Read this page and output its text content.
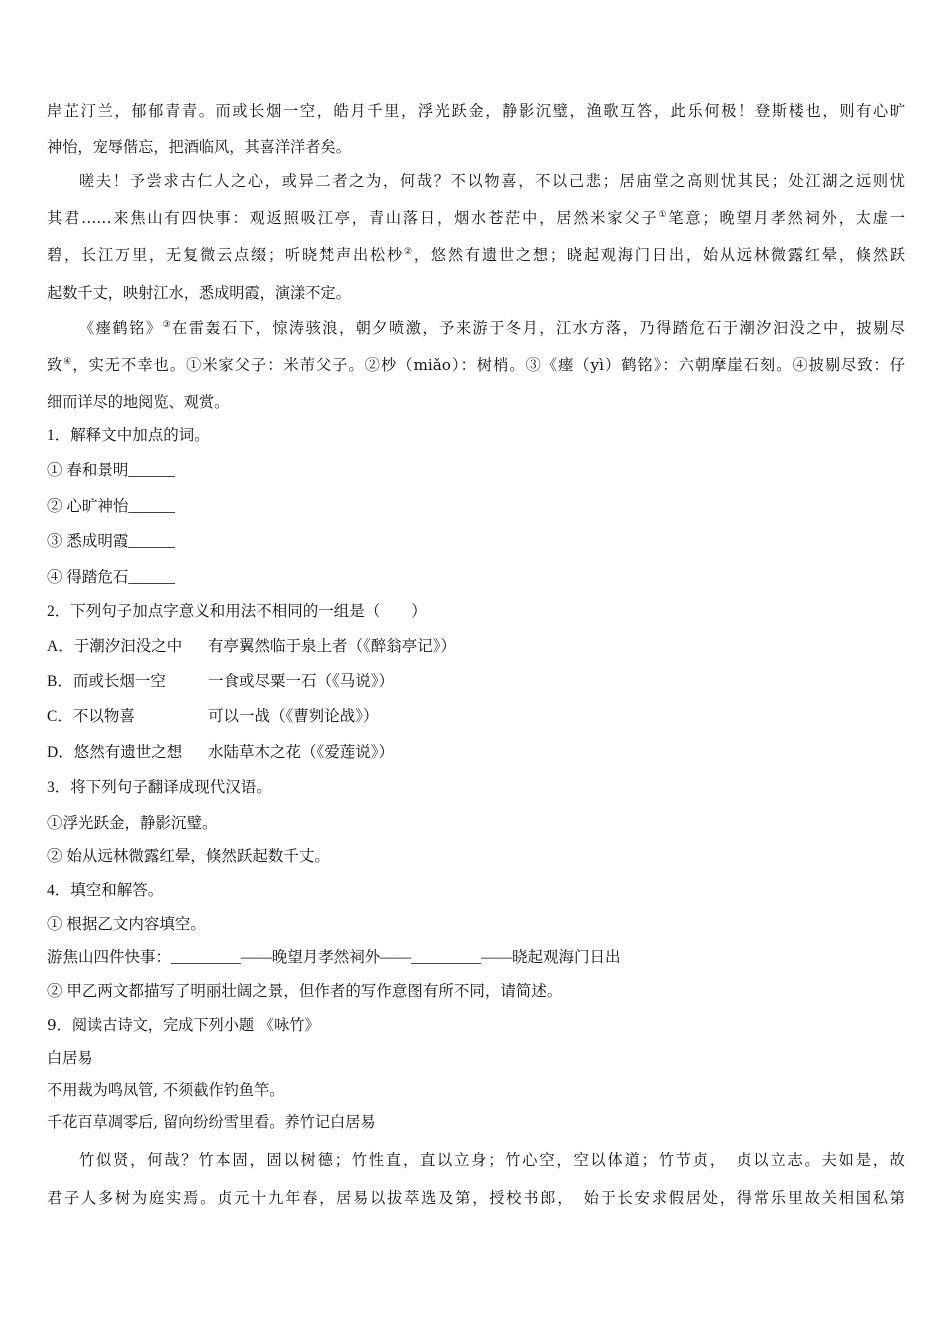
岸芷汀兰，郁郁青青。而或长烟一空，皓月千里，浮光跃金，静影沉璧，渔歌互答，此乐何极！登斯楼也，则有心旷
神怡，宠辱偕忘，把酒临风，其喜洋洋者矣。
嗟夫！予尝求古仁人之心，或异二者之为，何哉？不以物喜，不以己悲；居庙堂之高则忧其民；处江湖之远则忧
其君……来焦山有四快事：观返照吸江亭，青山落日，烟水苍茫中，居然米家父子①笔意；晚望月孝然祠外，太虚一
碧，长江万里，无复微云点缀；听晓梵声出松杪②，悠然有遗世之想；晓起观海门日出，始从远林微露红晕，倏然跃
起数千丈，映射江水，悉成明霞，演漾不定。
《瘗鹤铭》③在雷轰石下，惊涛骇浪，朝夕喷激，予来游于冬月，江水方落，乃得踏危石于潮汐汩没之中，披剔尽
致④，实无不幸也。①米家父子：米芾父子。②杪（miǎo）：树梢。③《瘗（yì）鹤铭》：六朝摩崖石刻。④披剔尽致：仔
细而详尽的地阅览、观赏。
1．解释文中加点的词。
① 春和景明______
② 心旷神怡______
③ 悉成明霞______
④ 得踏危石______
2．下列句子加点字意义和用法不相同的一组是（　　）
A．于潮汐汩没之中 有亭翼然临于泉上者（《醉翁亭记》）
B．而或长烟一空	一食或尽粟一石（《马说》）
C．不以物喜	可以一战（《曹刿论战》）
D．悠然有遗世之想 水陆草木之花（《爱莲说》）
3．将下列句子翻译成现代汉语。
①浮光跃金，静影沉璧。
② 始从远林微露红晕，倏然跃起数千丈。
4．填空和解答。
① 根据乙文内容填空。
游焦山四件快事：_________——晚望月孝然祠外——_________——晓起观海门日出
② 甲乙两文都描写了明丽壮阔之景，但作者的写作意图有所不同，请简述。
9．阅读古诗文，完成下列小题 《咏竹》
白居易
不用裁为鸣凤管, 不须截作钓鱼竿。
千花百草凋零后, 留向纷纷雪里看。养竹记白居易
竹似贤，何哉？竹本固，固以树德；竹性直，直以立身；竹心空，空以体道；竹节贞，　贞以立志。夫如是，故
君子人多树为庭实焉。贞元十九年春，居易以拔萃选及第，授校书郎，　始于长安求假居处，得常乐里故关相国私第
